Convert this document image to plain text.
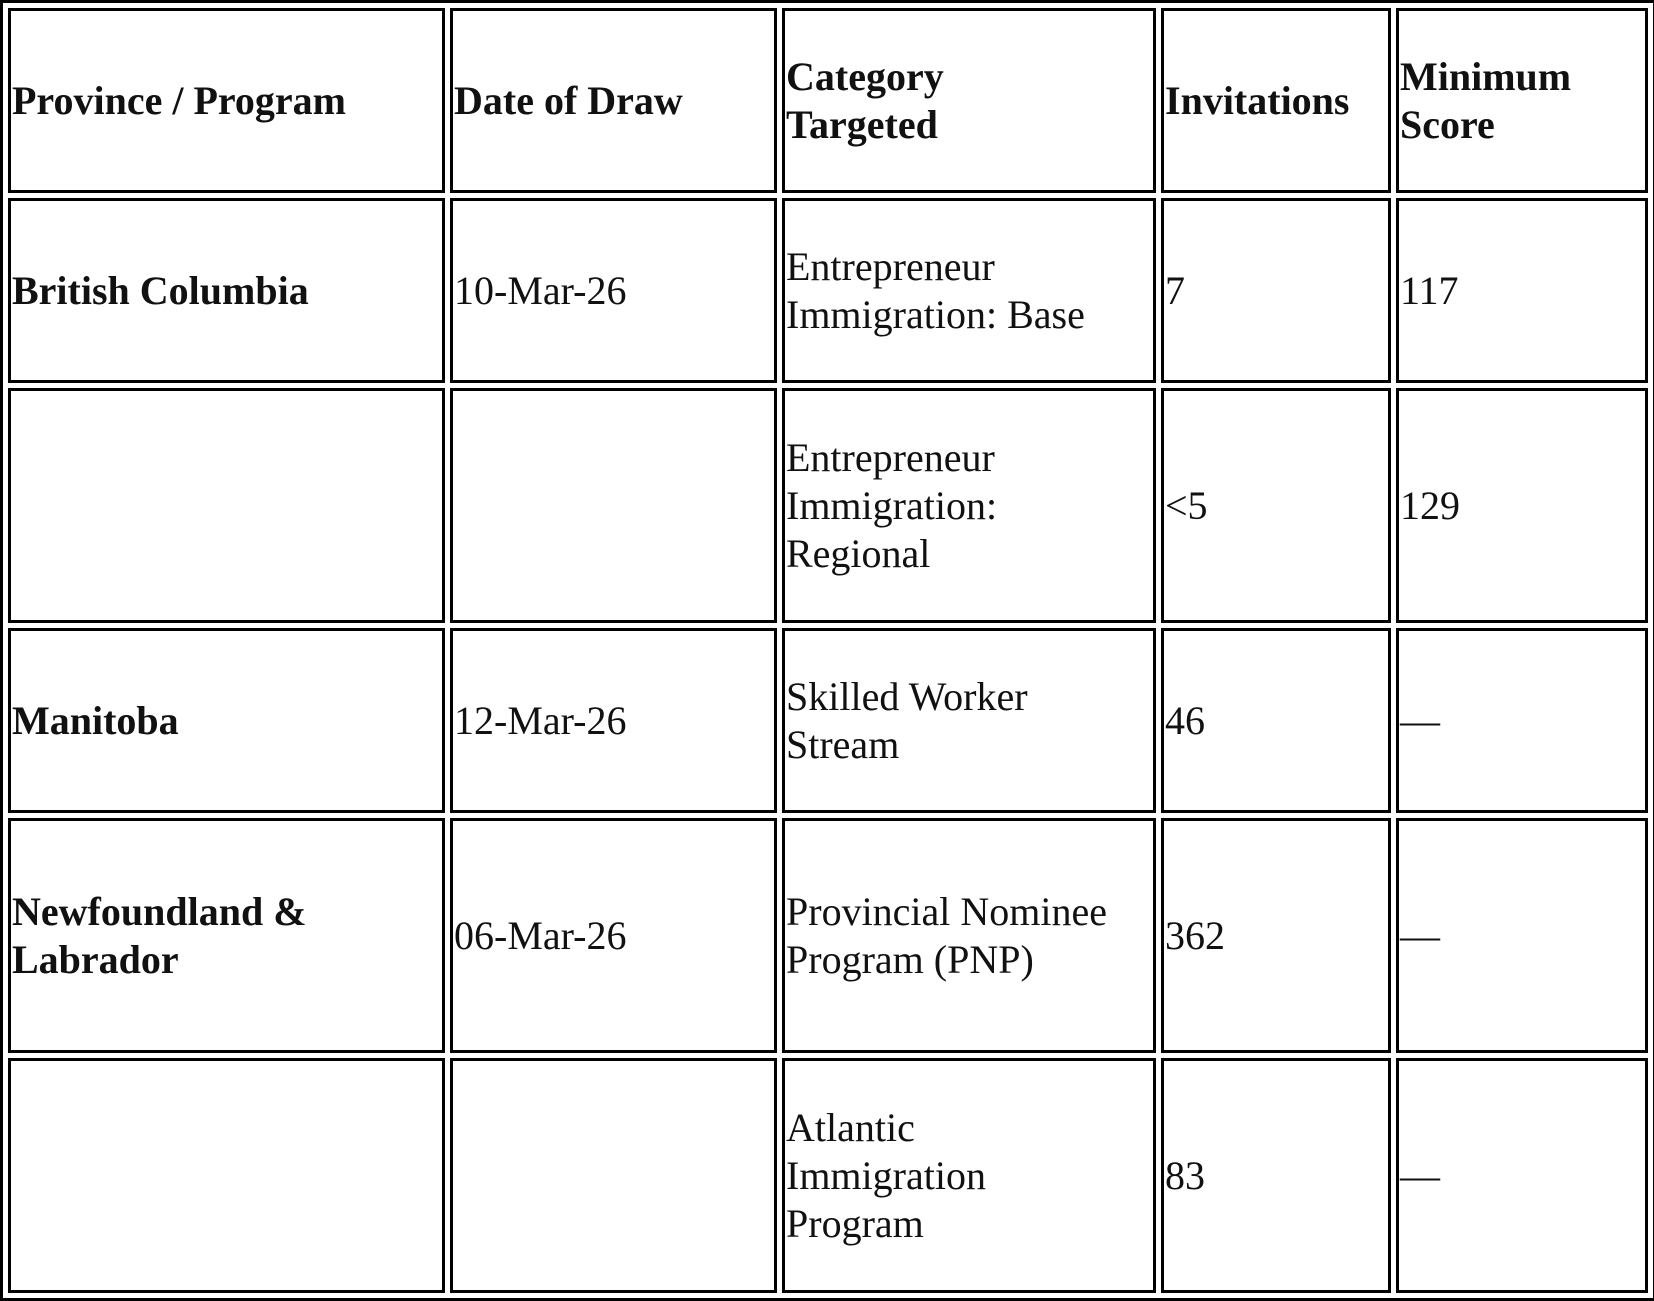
Province / Program	Date of Draw	Category Targeted	Invitations	Minimum Score

British Columbia	10-Mar-26	Entrepreneur Immigration: Base	7	117
		Entrepreneur Immigration: Regional	<5	129
Manitoba	12-Mar-26	Skilled Worker Stream	46	—
Newfoundland & Labrador	06-Mar-26	Provincial Nominee Program (PNP)	362	—
		Atlantic Immigration Program	83	—
